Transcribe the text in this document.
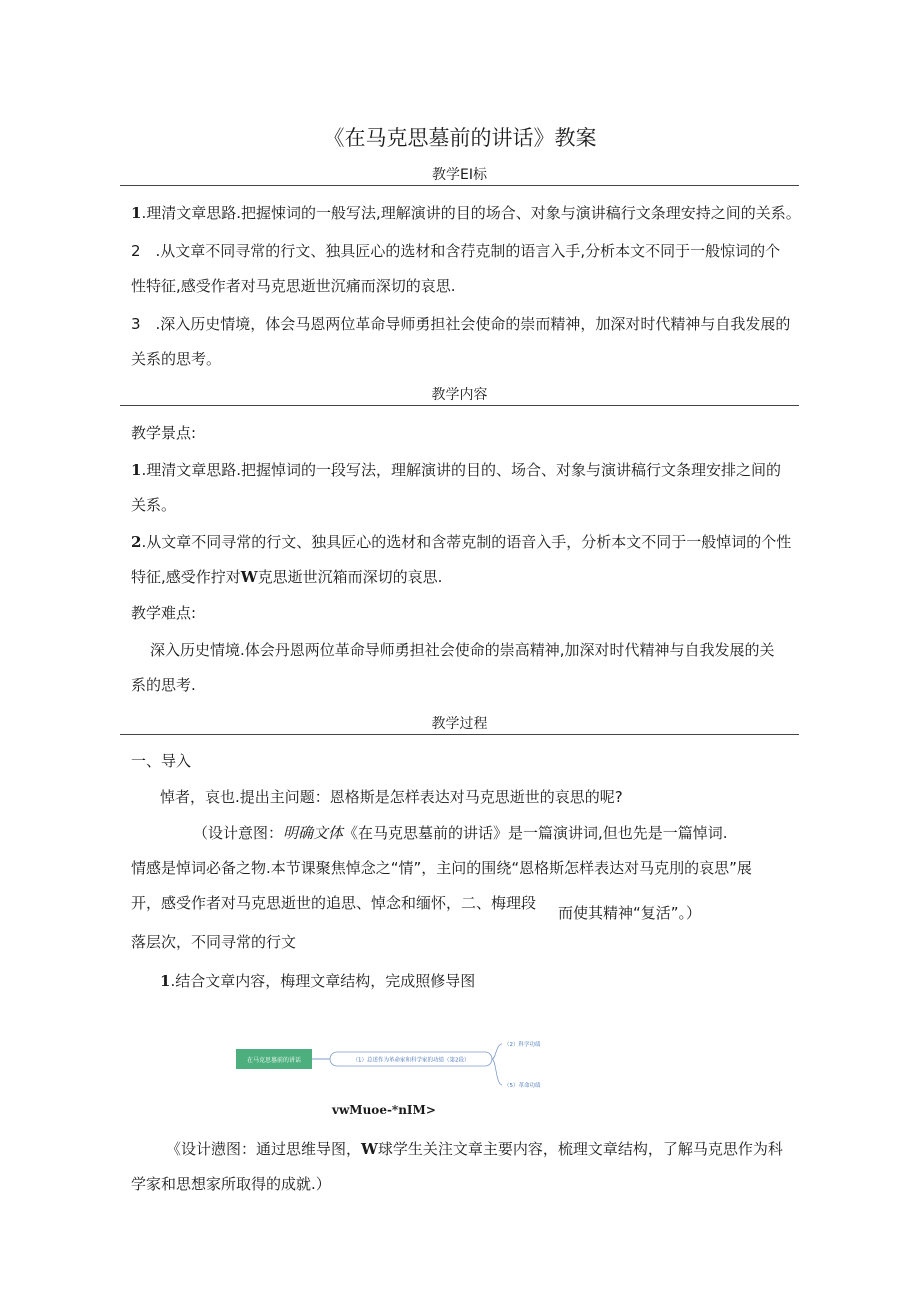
《在马克思墓前的讲话》教案
教学EI标
1.理清文章思路.把握悚词的一般写法,理解演讲的目的场合、对象与演讲稿行文条理安持之间的关系。
2　.从文章不同寻常的行文、独具匠心的选材和含荇克制的语言入手,分析本文不同于一般惊词的个
性特征,感受作者对马克思逝世沉痛而深切的哀思.
3　.深入历史情境，体会马恩两位革命导师勇担社会使命的崇而精神，加深对时代精神与自我发展的
关系的思考。
教学内容
教学景点:
1.理清文章思路.把握悼词的一段写法，理解演讲的目的、场合、对象与演讲稿行文条理安排之间的
关系。
2.从文章不同寻常的行文、独具匠心的选材和含蒂克制的语音入手，分析本文不同于一般悼词的个性
特征,感受作拧对W克思逝世沉箱而深切的哀思.
教学难点:
深入历史情境.体会丹恩两位革命导师勇担社会使命的崇高精神,加深对时代精神与自我发展的关
系的思考.
教学过程
一、导入
悼者，哀也.提出主问题：恩格斯是怎样表达对马克思逝世的哀思的呢?
（设计意图：明确文体《在马克思墓前的讲话》是一篇演讲词,但也先是一篇悼词.
情感是悼词必备之物.本节课聚焦悼念之“情”，主问的围绕“恩格斯怎样表达对马克刖的哀思”展
开，感受作者对马克思逝世的追思、悼念和缅怀，二、梅理段
而使其精神“复活”。）
落层次，不同寻常的行文
1.结合文章内容，梅理文章结构，完成照修导图
在马克思墓前的讲话	（1）总述作为革命家和科学家的功绩（第2段）
（2）科学功绩
（5）革命功绩
vwMuoe-*nIM>
《设计懑图：通过思维导图，W球学生关注文章主要内容，梳理文章结构，了解马克思作为科
学家和思想家所取得的成就.）
